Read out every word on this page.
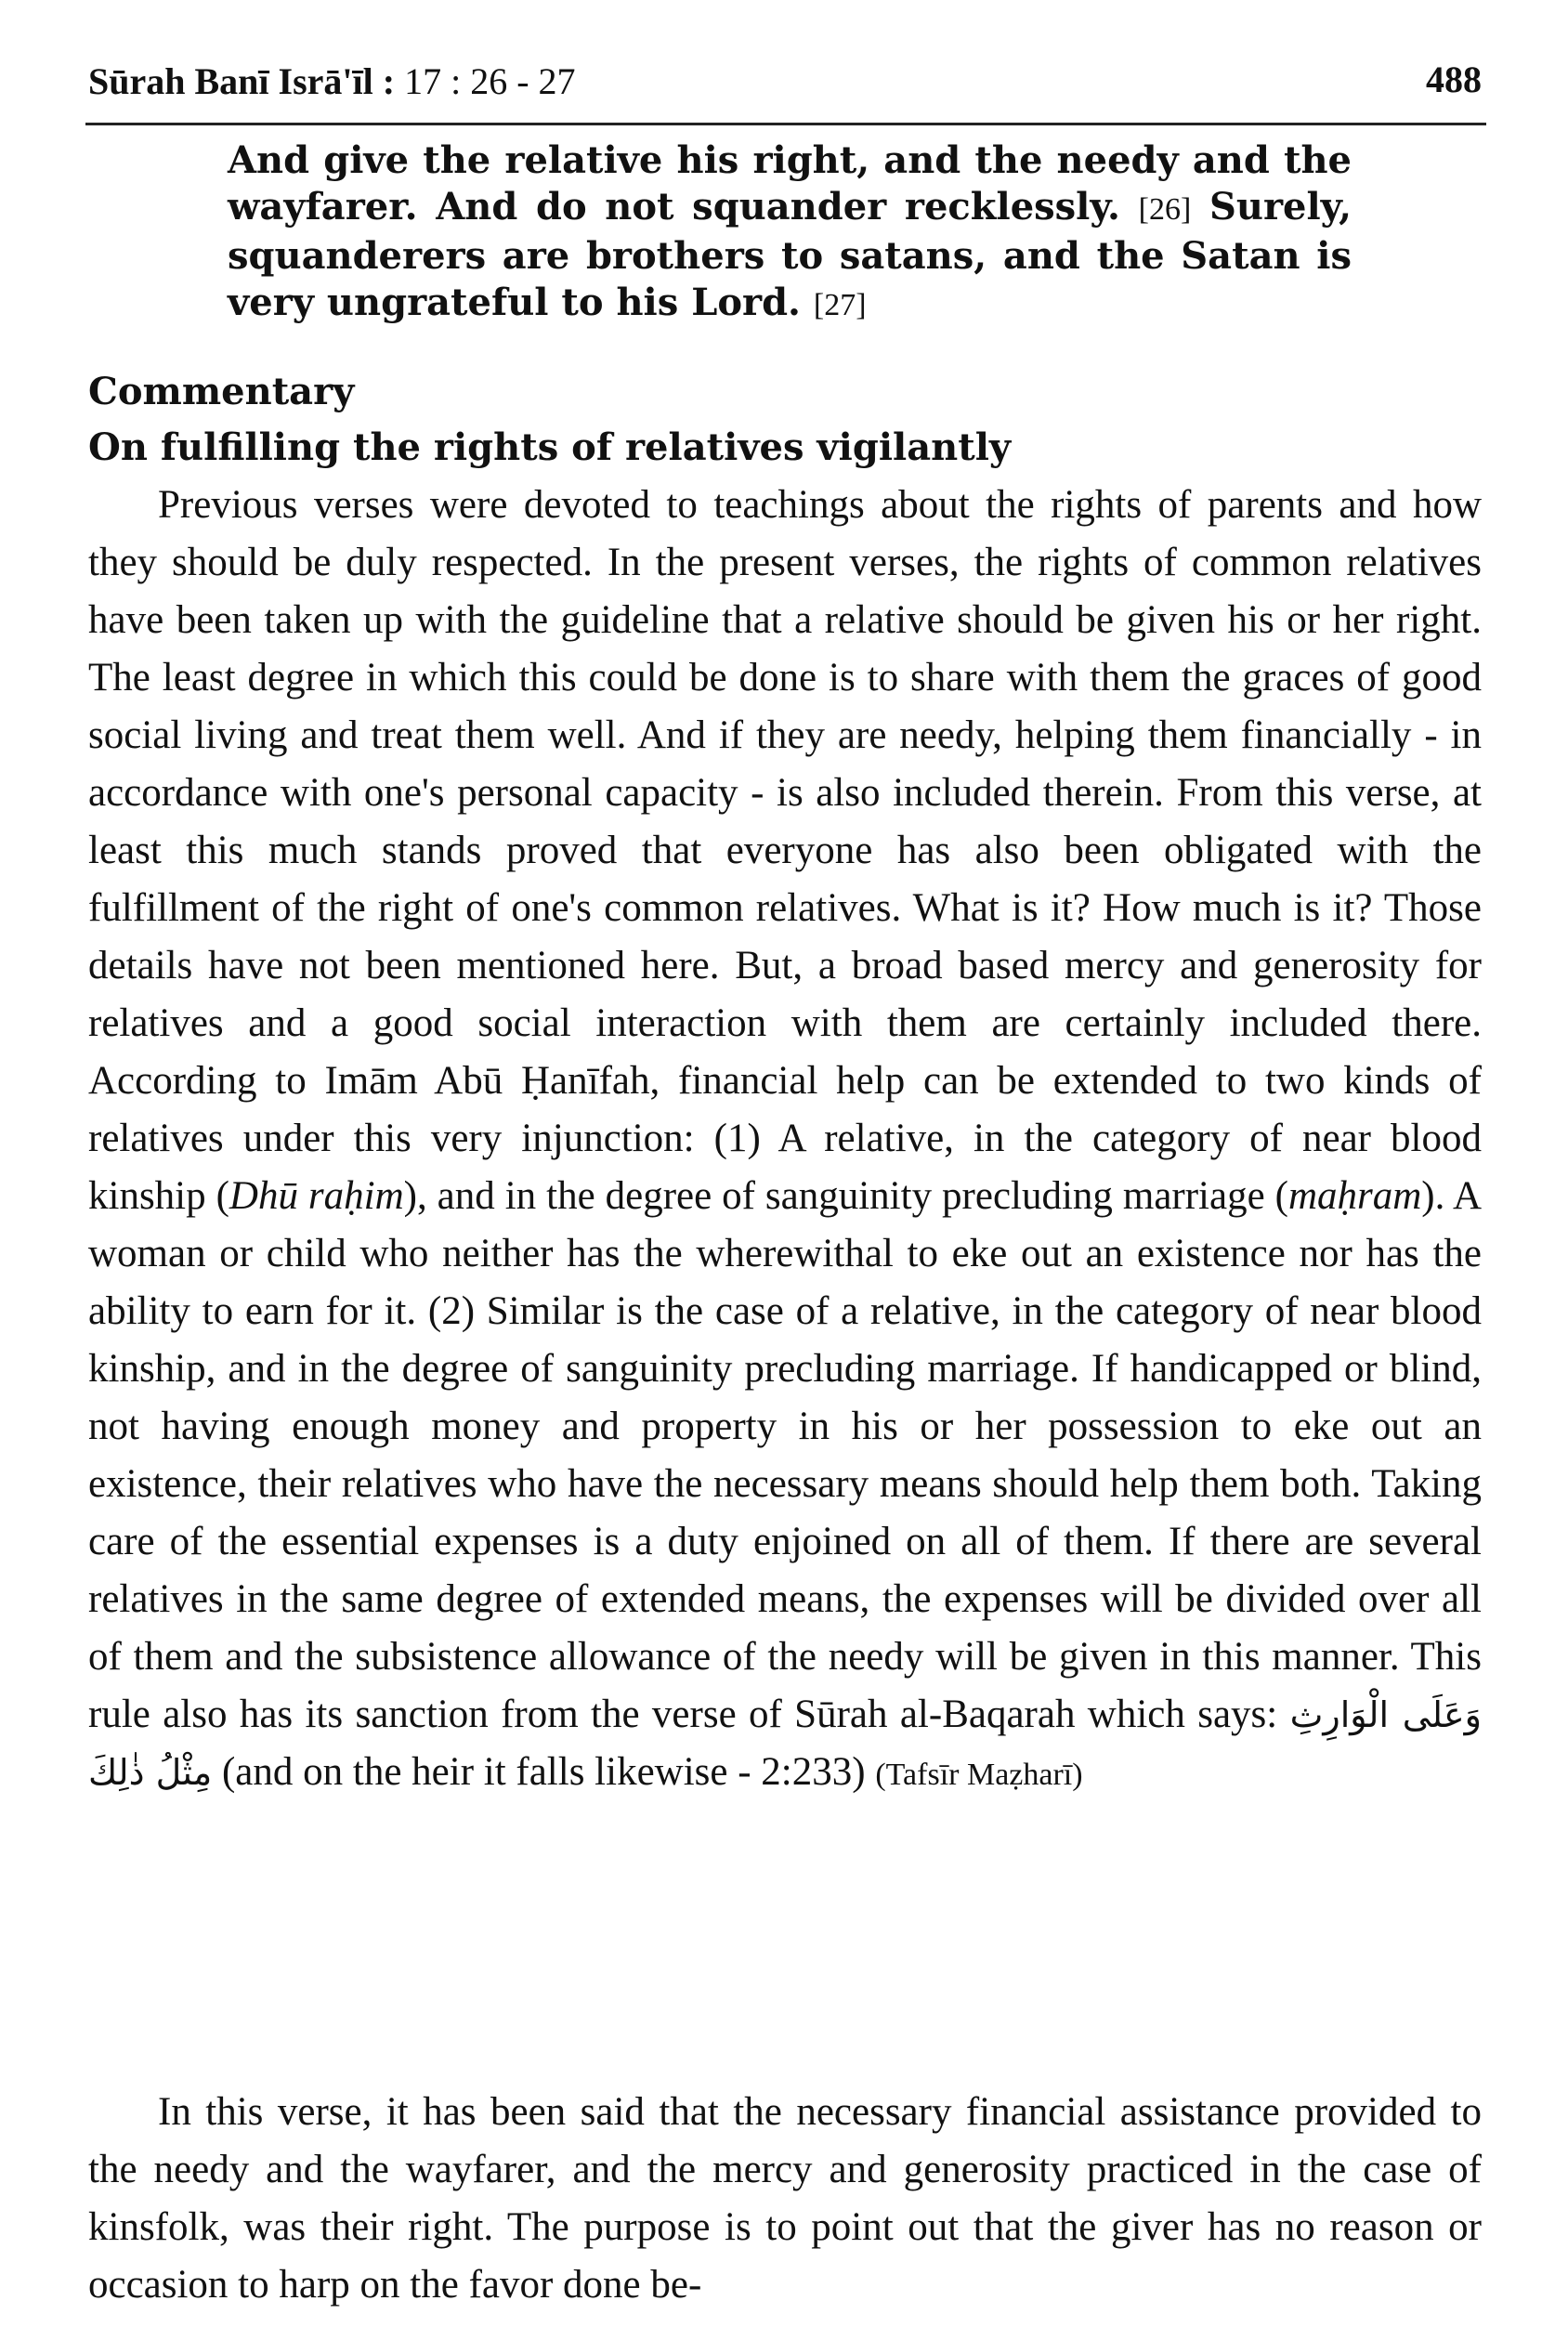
Sūrah Banī Isrā'īl : 17 : 26 - 27	488
And give the relative his right, and the needy and the wayfarer. And do not squander recklessly. [26] Surely, squanderers are brothers to satans, and the Satan is very ungrateful to his Lord. [27]
Commentary
On fulfilling the rights of relatives vigilantly

Previous verses were devoted to teachings about the rights of parents and how they should be duly respected. In the present verses, the rights of common relatives have been taken up with the guideline that a relative should be given his or her right. The least degree in which this could be done is to share with them the graces of good social living and treat them well. And if they are needy, helping them financially - in accordance with one's personal capacity - is also included therein. From this verse, at least this much stands proved that everyone has also been obligated with the fulfillment of the right of one's common relatives. What is it? How much is it? Those details have not been mentioned here. But, a broad based mercy and generosity for relatives and a good social interaction with them are certainly included there. According to Imām Abū Ḥanīfah, financial help can be extended to two kinds of relatives under this very injunction: (1) A relative, in the category of near blood kinship (Dhū raḥim), and in the degree of sanguinity precluding marriage (maḥram). A woman or child who neither has the wherewithal to eke out an existence nor has the ability to earn for it. (2) Similar is the case of a relative, in the category of near blood kinship, and in the degree of sanguinity precluding marriage. If handicapped or blind, not having enough money and property in his or her possession to eke out an existence, their relatives who have the necessary means should help them both. Taking care of the essential expenses is a duty enjoined on all of them. If there are several relatives in the same degree of extended means, the expenses will be divided over all of them and the subsistence allowance of the needy will be given in this manner. This rule also has its sanction from the verse of Sūrah al-Baqarah which says: وَعَلَى الْوَارِثِ مِثْلُ ذٰلِكَ (and on the heir it falls likewise - 2:233) (Tafsīr Maẓharī)

In this verse, it has been said that the necessary financial assistance provided to the needy and the wayfarer, and the mercy and generosity practiced in the case of kinsfolk, was their right. The purpose is to point out that the giver has no reason or occasion to harp on the favor done be-
